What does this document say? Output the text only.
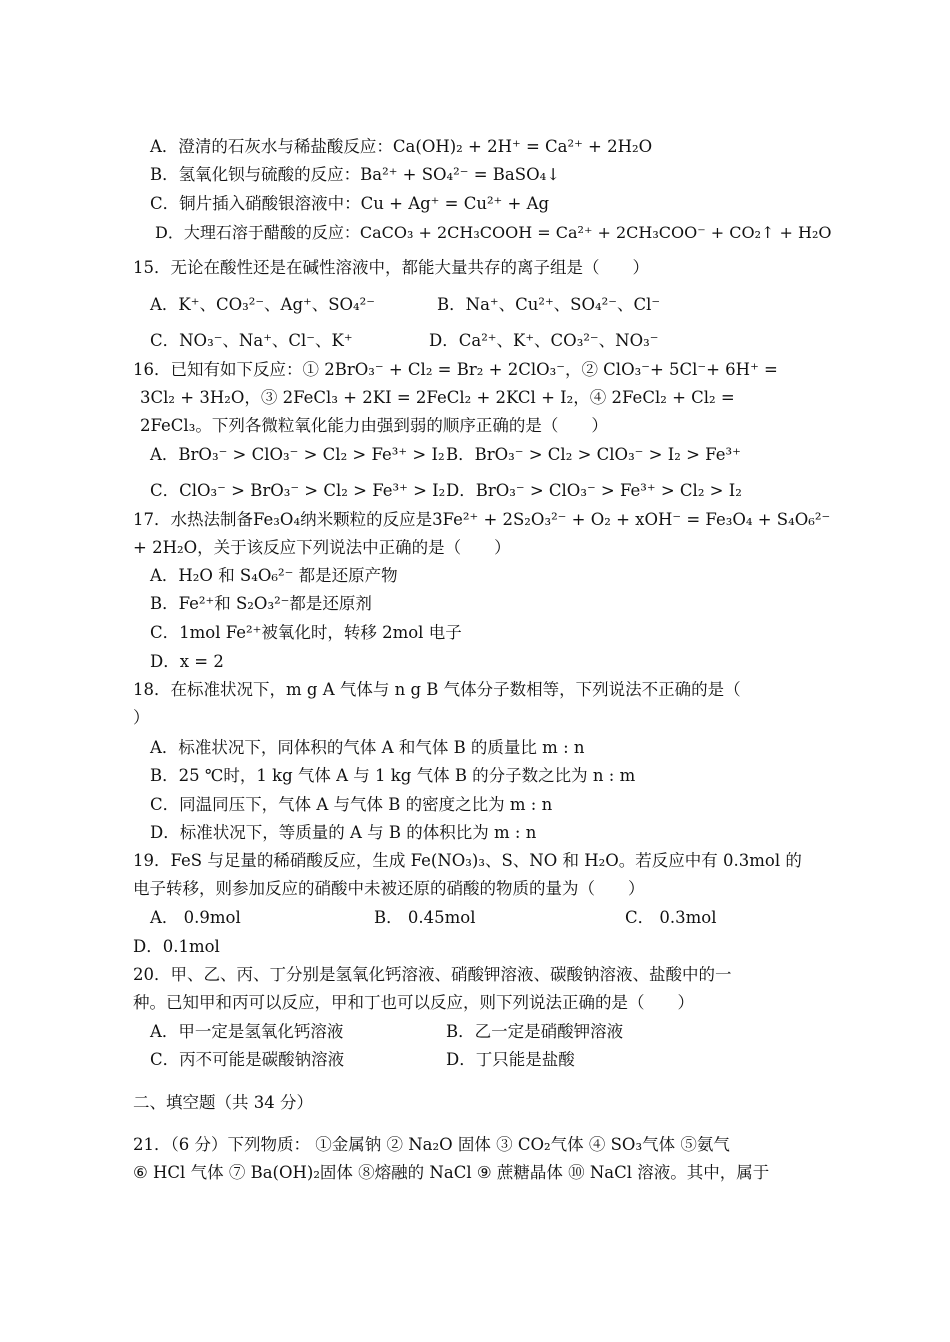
A．澄清的石灰水与稀盐酸反应：Ca(OH)₂ + 2H⁺ = Ca²⁺ + 2H₂O
B．氢氧化钡与硫酸的反应：Ba²⁺ + SO₄²⁻ = BaSO₄↓
C．铜片插入硝酸银溶液中：Cu + Ag⁺ = Cu²⁺ + Ag
D．大理石溶于醋酸的反应：CaCO₃ + 2CH₃COOH = Ca²⁺ + 2CH₃COO⁻ + CO₂↑ + H₂O
15．无论在酸性还是在碱性溶液中，都能大量共存的离子组是（　　）
A．K⁺、CO₃²⁻、Ag⁺、SO₄²⁻	B．Na⁺、Cu²⁺、SO₄²⁻、Cl⁻
C．NO₃⁻、Na⁺、Cl⁻、K⁺	D．Ca²⁺、K⁺、CO₃²⁻、NO₃⁻
16．已知有如下反应：① 2BrO₃⁻ + Cl₂ = Br₂ + 2ClO₃⁻，② ClO₃⁻+ 5Cl⁻+ 6H⁺ =
3Cl₂ + 3H₂O，③ 2FeCl₃ + 2KI = 2FeCl₂ + 2KCl + I₂，④ 2FeCl₂ + Cl₂ =
2FeCl₃。下列各微粒氧化能力由强到弱的顺序正确的是（　　）
A．BrO₃⁻ > ClO₃⁻ > Cl₂ > Fe³⁺ > I₂ B．BrO₃⁻ > Cl₂ > ClO₃⁻ > I₂ > Fe³⁺
C．ClO₃⁻ > BrO₃⁻ > Cl₂ > Fe³⁺ > I₂ D．BrO₃⁻ > ClO₃⁻ > Fe³⁺ > Cl₂ > I₂
17．水热法制备Fe₃O₄纳米颗粒的反应是3Fe²⁺ + 2S₂O₃²⁻ + O₂ + xOH⁻ = Fe₃O₄ + S₄O₆²⁻
+ 2H₂O，关于该反应下列说法中正确的是（　　）
A．H₂O 和 S₄O₆²⁻ 都是还原产物
B．Fe²⁺和 S₂O₃²⁻都是还原剂
C．1mol Fe²⁺被氧化时，转移 2mol 电子
D．x = 2
18．在标准状况下，m g A 气体与 n g B 气体分子数相等，下列说法不正确的是（
）
A．标准状况下，同体积的气体 A 和气体 B 的质量比 m : n
B．25 ℃时，1 kg 气体 A 与 1 kg 气体 B 的分子数之比为 n : m
C．同温同压下，气体 A 与气体 B 的密度之比为 m : n
D．标准状况下，等质量的 A 与 B 的体积比为 m : n
19．FeS 与足量的稀硝酸反应，生成 Fe(NO₃)₃、S、NO 和 H₂O。若反应中有 0.3mol 的
电子转移，则参加反应的硝酸中未被还原的硝酸的物质的量为（　　）
A． 0.9mol	B． 0.45mol	C． 0.3mol
D．0.1mol
20．甲、乙、丙、丁分别是氢氧化钙溶液、硝酸钾溶液、碳酸钠溶液、盐酸中的一
种。已知甲和丙可以反应，甲和丁也可以反应，则下列说法正确的是（　　）
A．甲一定是氢氧化钙溶液	B．乙一定是硝酸钾溶液
C．丙不可能是碳酸钠溶液	D．丁只能是盐酸
二、填空题（共 34 分）
21．（6 分）下列物质： ①金属钠 ② Na₂O 固体 ③ CO₂气体 ④ SO₃气体 ⑤氨气
⑥ HCl 气体 ⑦ Ba(OH)₂固体 ⑧熔融的 NaCl ⑨ 蔗糖晶体 ⑩ NaCl 溶液。其中，属于
